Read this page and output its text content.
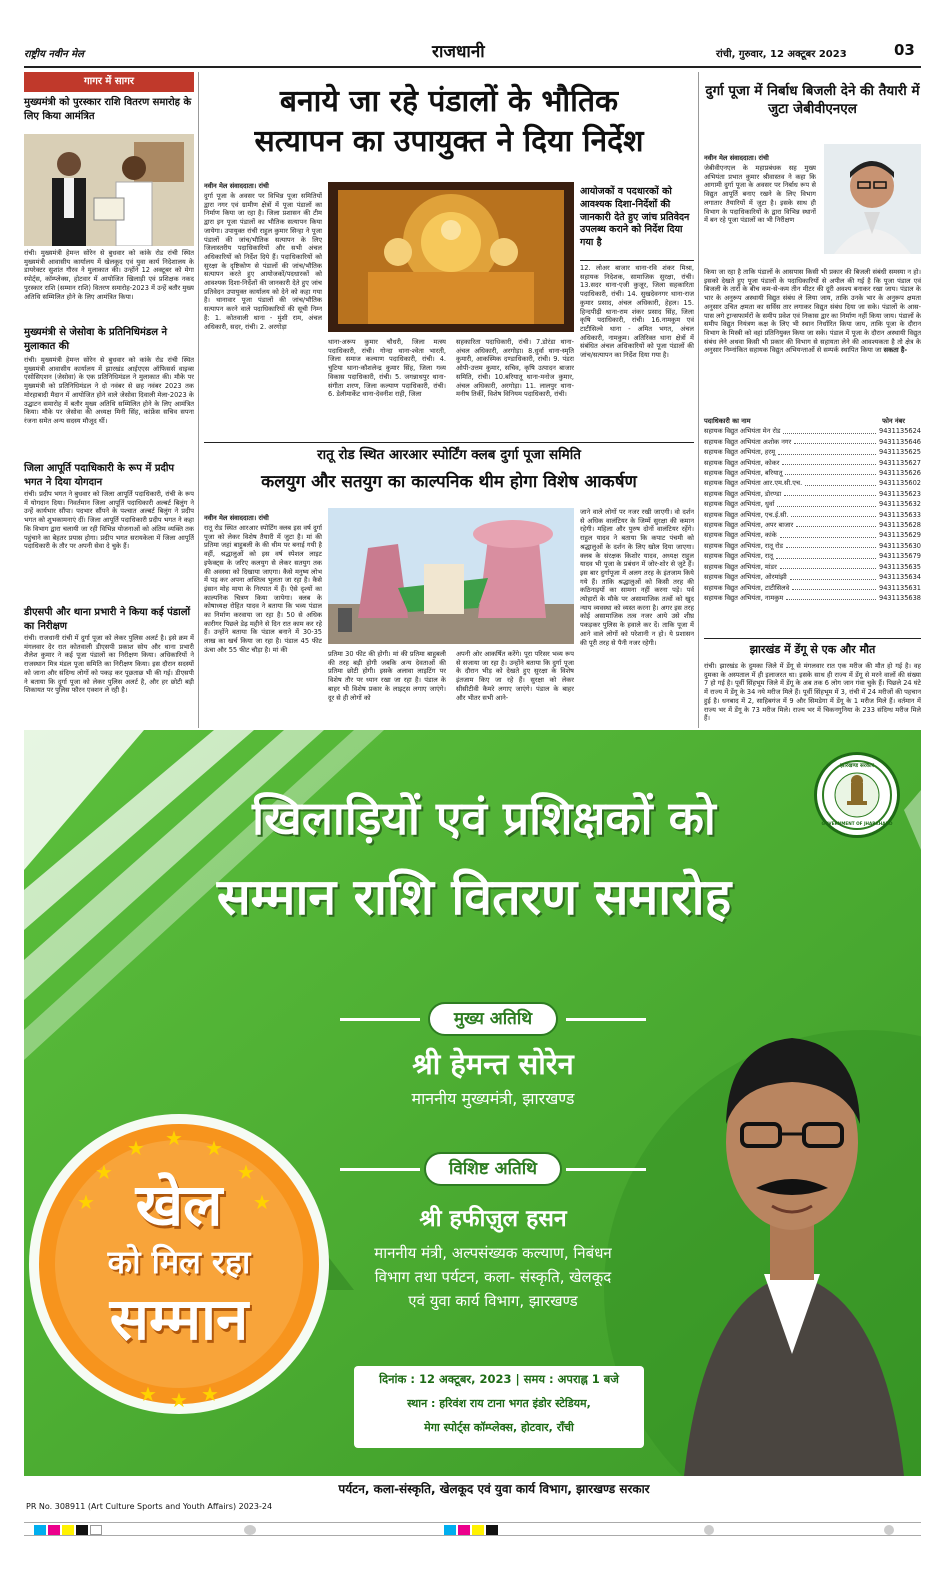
राष्ट्रीय नवीन मेल	राजधानी	रांची, गुरुवार, 12 अक्टूबर 2023	03
गागर में सागर
मुख्यमंत्री को पुरस्कार राशि वितरण समारोह के लिए किया आमंत्रित
रांची। मुख्यमंत्री हेमन्त सोरेन से बुधवार को कांके रोड रांची स्थित मुख्यमंत्री आवासीय कार्यालय में खेलकूद एवं युवा कार्य निदेशालय के डायरेक्टर सुशांत गौरव ने मुलाकात की। उन्होंने 12 अक्टूबर को मेगा स्पोर्ट्स, कॉम्प्लेक्स, होटवार में आयोजित खिलाड़ी एवं प्रशिक्षक नकद पुरस्कार राशि (सम्मान राशि) वितरण समारोह-2023 में उन्हें बतौर मुख्य अतिथि सम्मिलित होने के लिए आमंत्रित किया।
मुख्यमंत्री से जेसोवा के प्रतिनिधिमंडल ने मुलाकात की
रांची। मुख्यमंत्री हेमन्त सोरेन से बुधवार को कांके रोड रांची स्थित मुख्यमंत्री आवासीय कार्यालय में झारखंड आईएएस ऑफिसर्स वाइव्स एसोसिएशन (जेसोवा) के एक प्रतिनिधिमंडल ने मुलाकात की। मौके पर मुख्यमंत्री को प्रतिनिधिमंडल ने दो नवंबर से छह नवंबर 2023 तक मोरहाबादी मैदान में आयोजित होने वाले जेसोवा दिवाली मेला-2023 के उद्घाटन समारोह में बतौर मुख्य अतिथि सम्मिलित होने के लिए आमंत्रित किया। मौके पर जेसोवा की अध्यक्ष मिनी सिंह, कांफ्रेंस सचिव सपना रंजना समेत अन्य सदस्य मौजूद थीं।
जिला आपूर्ति पदाधिकारी के रूप में प्रदीप भगत ने दिया योगदान
रांची। प्रदीप भगत ने बुधवार को जिला आपूर्ति पदाधिकारी, रांची के रूप में योगदान दिया। निवर्तमान जिला आपूर्ति पदाधिकारी अल्बर्ट बिलुंग ने उन्हें कार्यभार सौंपा। पदभार सौंपने के पश्चात अल्बर्ट बिलुंग ने प्रदीप भगत को शुभकामनाएं दीं। जिला आपूर्ति पदाधिकारी प्रदीप भगत ने कहा कि विभाग द्वारा चलायी जा रही विभिन्न योजनाओं को अंतिम व्यक्ति तक पहुंचाने का बेहतर प्रयास होगा। प्रदीप भगत सरायकेला में जिला आपूर्ति पदाधिकारी के तौर पर अपनी सेवा दे चुके हैं।
डीएसपी और थाना प्रभारी ने किया कई पंडालों का निरीक्षण
रांची। राजधानी रांची में दुर्गा पूजा को लेकर पुलिस अलर्ट है। इसे क्रम में मंगलवार देर रात कोतवाली डीएसपी प्रकाश सोय और थाना प्रभारी शैलेश कुमार ने कई पूजा पंडालों का निरीक्षण किया। अधिकारियों ने राजस्थान मित्र मंडल पूजा समिति का निरीक्षण किया। इस दौरान सदस्यों को जाना और संदिग्ध लोगों को पकड़ कर पूछताछ भी की गई। डीएसपी ने बताया कि दुर्गा पूजा को लेकर पुलिस अलर्ट है, और हर छोटी बड़ी शिकायत पर पुलिस फौरन एक्शन ले रही है।
बनाये जा रहे पंडालों के भौतिक
सत्यापन का उपायुक्त ने दिया निर्देश
नवीन मेल संवाददाता। रांची
दुर्गा पूजा के अवसर पर विभिन्न पूजा समितियों द्वारा नगर एवं ग्रामीण क्षेत्रों में पूजा पंडालों का निर्माण किया जा रहा है। जिला प्रशासन की टीम द्वारा इन पूजा पंडालों का भौतिक सत्यापन किया जायेगा। उपायुक्त रांची राहुल कुमार सिन्हा ने पूजा पंडालों की जांच/भौतिक सत्यापन के लिए जिलास्तरीय पदाधिकारियों और सभी अंचल अधिकारियों को निर्देश दिये हैं। पदाधिकारियों को सुरक्षा के दृष्टिकोण से पंडालों की जांच/भौतिक सत्यापन करते हुए आयोजकों/पदधारकों को आवश्यक दिशा-निर्देशों की जानकारी देते हुए जांच प्रतिवेदन उपायुक्त कार्यालय को देने को कहा गया है। थानावार पूजा पंडालों की जांच/भौतिक सत्यापन करने वाले पदाधिकारियों की सूची निम्न है: 1. कोतवाली थाना - मुंशी राम, अंचल अधिकारी, सदर, रांची। 2. अरगोड़ा
थाना-अरूप कुमार चौधरी, जिला मत्स्य पदाधिकारी, रांची। गोन्दा थाना-श्वेता भारती, जिला समाज कल्याण पदाधिकारी, रांची। 4. चुटिया थाना-कौशलेन्द्र कुमार सिंह, जिला गव्य विकास पदाधिकारी, रांची। 5. जगन्नाथपुर थाना-संगीता शरण, जिला कल्याण पदाधिकारी, रांची। 6. डेलीमार्केट थाना-देवनीश राही, जिला
सहकारिता पदाधिकारी, रांची। 7.डोरंडा थाना-अंचल अधिकारी, अरगोड़ा। 8.धुर्वा थाना-स्मृति कुमारी, आकस्मिक दण्डाधिकारी, रांची। 9. पंडरा ओपी-उत्तम कुमार, सचिव, कृषि उत्पादन बाजार समिति, रांची। 10.बरियातू थाना-मनोज कुमार, अंचल अधिकारी, अरगोड़ा। 11. लालपुर थाना- मनीष तिर्की, विशेष विनियम पदाधिकारी, रांची।
आयोजकों व पदधारकों को आवश्यक दिशा-निर्देशों की जानकारी देते हुए जांच प्रतिवेदन उपलब्ध कराने को निर्देश दिया गया है
12. लोअर बाजार थाना-रवि शंकर मिश्रा, सहायक निदेशक, सामाजिक सुरक्षा, रांची। 13.सदर थाना-एजी कुजूर, जिला सहकारिता पदाधिकारी, रांची। 14. सुखदेवनगर थाना-राज कुमार प्रसाद, अंचल अधिकारी, हेहल। 15. हिन्दपीढ़ी थाना-राम शंकर प्रसाद सिंह, जिला कृषि पदाधिकारी, रांची। 16.नामकुम एवं टाटीसिल्वे थाना - अमित भगत, अंचल अधिकारी, नामकुम। अतिरिक्त थाना क्षेत्रों में संबंधित अंचल अधिकारियों को पूजा पंडालों की जांच/सत्यापन का निर्देश दिया गया है।
रातू रोड स्थित आरआर स्पोर्टिंग क्लब दुर्गा पूजा समिति
कलयुग और सतयुग का काल्पनिक थीम होगा विशेष आकर्षण
नवीन मेल संवाददाता। रांची
रातू रोड स्थित आरआर स्पोर्टिंग क्लब इस वर्ष दुर्गा पूजा को लेकर विशेष तैयारी में जुटा है। मां की प्रतिमा जहां बाहुबली के की थीम पर बनाई गयी है वहीं, श्रद्धालुओं को इस वर्ष स्पेशल लाइट इफेक्ट्स के जरिए कलयुग से लेकर सतयुग तक की अवस्था को दिखाया जाएगा। कैसे मनुष्य लोभ में पड़ कर अपना अस्तित्व भुलता जा रहा है। कैसे इंसान मोह माया के निरपात में हैं। ऐसे दृश्यों का काल्पनिक चित्रण किया जायेगा। क्लब के कोषाध्यक्ष रोहित यादव ने बताया कि भव्य पंडाल का निर्माण करवाया जा रहा है। 50 से अधिक कारीगर पिछले डेढ़ महीने से दिन रात काम कर रहे हैं। उन्होंने बताया कि पंडाल बनाने में 30-35 लाख का खर्च किया जा रहा है। पंडाल 45 फीट ऊंचा और 55 फीट चौड़ा है। मां की
प्रतिमा 30 फीट की होगी। मां की प्रतिमा बाहुबली की तरह बड़ी होगी जबकि अन्य देवताओं की प्रतिमा छोटी होगी। इसके अलावा लाइटिंग पर विशेष तौर पर ध्यान रखा जा रहा है। पंडाल के बाहर भी विशेष प्रकार के लाइट्स लगाए जाएंगे। दूर से ही लोगों को
अपनी ओर आकर्षित करेंगे। पूरा परिसर भव्य रूप से सजाया जा रहा है। उन्होंने बताया कि दुर्गा पूजा के दौरान भीड़ को देखते हुए सुरक्षा के विशेष इंतजाम किए जा रहे हैं। सुरक्षा को लेकर सीसीटीवी कैमरे लगाए जाएंगे। पंडाल के बाहर और भीतर सभी आने-
जाने वाले लोगों पर नजर रखी जाएगी। वो दर्शन से अधिक वालंटियर के जिम्में सुरक्षा की कमान रहेगी। महिला और पुरुष दोनों वालंटियर रहेंगे। राहुल यादव ने बताया कि कपाट पंचमी को श्रद्धालुओं के दर्शन के लिए खोल दिया जाएगा। क्लब के संरक्षक किशोर यादव, अध्यक्ष राहुल यादव भी पूजा के प्रबंधन में जोर-शोर से जुटे हैं। इस बार दुर्गापूजा में अलग तरह के इंतजाम किये गये हैं। ताकि श्रद्धालुओं को किसी तरह की कठिनाइयों का सामना नहीं करना पड़े। पर्व त्योहारों के मौके पर असामाजिक तत्वों को खुद न्याय व्यवस्था को व्यस्त करना है। अगर इस तरह कोई असामाजिक तत्व नजर आये उसे शीघ्र पकड़कर पुलिस के हवाले कर दें। ताकि पूजा में आने वाले लोगों को परेशानी न हो। ये प्रशासन की पूरी तरह से पैनी नजर रहेगी।
दुर्गा पूजा में निर्बाध बिजली देने की तैयारी में जुटा जेबीवीएनएल
नवीन मेल संवाददाता। रांची
जेबीवीएनएल के महाप्रबंधक सह मुख्य अभियंता प्रभात कुमार श्रीवास्तव ने कहा कि आगामी दुर्गा पूजा के अवसर पर निर्बाध रूप से विद्युत आपूर्ति बनाए रखने के लिए विभाग लगातार तैयारियों में जुटा है। इसके साथ ही विभाग के पदाधिकारियों के द्वारा विभिन्न स्थानों में बन रहे पूजा पंडालों का भी निरीक्षण
किया जा रहा है ताकि पंडालों के आसपास किसी भी प्रकार की बिजली संबंधी समस्या न हो। इसको देखते हुए पूजा पंडालों के पदाधिकारियों से अपील की गई है कि पूजा पंडाल एवं बिजली के तारों के बीच कम-से-कम तीन मीटर की दूरी अवश्य बनाकर रखा जाय। पंडाल के भार के अनुरूप अस्थायी विद्युत संबंध ले लिया जाय, ताकि उनके भार के अनुरूप क्षमता अनुसार उचित क्षमता का सर्विस तार लगाकर विद्युत संबंध दिया जा सके। पंडालों के आस-पास लगे ट्रान्सफार्मरों के समीप प्रवेश एवं निकास द्वार का निर्माण नहीं किया जाय। पंडालों के समीप विद्युत नियंत्रण कक्ष के लिए भी स्थान निर्धारित किया जाय, ताकि पूजा के दौरान विभाग के मिस्त्री को वहां प्रतिनियुक्त किया जा सके। पंडाल में पूजा के दौरान अस्थायी विद्युत संबंध लेने अथवा किसी भी प्रकार की विभाग से सहायता लेने की आवश्यकता है तो क्षेत्र के अनुसार निम्नांकित सहायक विद्युत अभियन्ताओं से सम्पर्क स्थापित किया जा सकता है-
पदाधिकारी का नाम	फोन नंबर
सहायक विद्युत अभियंता मेन रोड	9431135624
सहायक विद्युत अभियंता अशोक नगर	9431135646
सहायक विद्युत अभियंता, हरमू	9431135625
सहायक विद्युत अभियंता, कोकर	9431135627
सहायक विद्युत अभियंता, बरियातू	9431135626
सहायक विद्युत अभियंता आर.एम.सी.एच.	9431135602
सहायक विद्युत अभियंता, डोरण्डा	9431135623
सहायक विद्युत अभियंता, धुर्वा	9431135632
सहायक विद्युत अभियंता, एच.ई.सी.	9431135633
सहायक विद्युत अभियंता, अपर बाजार	9431135628
सहायक विद्युत अभियंता, कांके	9431135629
सहायक विद्युत अभियंता, रातू रोड	9431135630
सहायक विद्युत अभियंता, रातू	9431135679
सहायक विद्युत अभियंता, मांडर	9431135635
सहायक विद्युत अभियंता, ओरमांझी	9431135634
सहायक विद्युत अभियंता, टाटीसिलवे	9431135631
सहायक विद्युत अभियंता, नामकुम	9431135638
झारखंड में डेंगू से एक और मौत
रांची। झारखंड के दुमका जिले में डेंगू से मंगलवार रात एक मरीज की मौत हो गई है। वह दुमका के अस्पताल में ही इलाजरत था। इसके साथ ही राज्य में डेंगू से मरने वालों की संख्या 7 हो गई है। पूर्वी सिंहभूम जिले में डेंगू के अब तक 6 लोग जान गंवा चुके हैं। पिछले 24 घंटे में राज्य में डेंगू के 34 नये मरीज मिले हैं। पूर्वी सिंहभूम में 3, रांची में 24 मरीजों की पहचान हुई है। धनबाद में 2, साहिबगंज में 9 और सिमडेगा में डेंगू के 1 मरीज मिले हैं। वर्तमान में राज्य भर में डेंगू के 73 मरीज मिले। राज्य भर में चिकनगुनिया के 233 संदिग्ध मरीज मिले हैं।
झारखण्ड सरकार
GOVERNMENT OF JHARKHAND
खिलाड़ियों एवं प्रशिक्षकों को
सम्मान राशि वितरण समारोह
★
★	★
★	★
★	★
★ ★ ★
खेल
को मिल रहा
सम्मान
मुख्य अतिथि
श्री हेमन्त सोरेन
माननीय मुख्यमंत्री, झारखण्ड
विशिष्ट अतिथि
श्री हफीज़ुल हसन
माननीय मंत्री, अल्पसंख्यक कल्याण, निबंधन
विभाग तथा पर्यटन, कला- संस्कृति, खेलकूद
एवं युवा कार्य विभाग, झारखण्ड
दिनांक : 12 अक्टूबर, 2023 | समय : अपराह्न 1 बजे
स्थान : हरिवंश राय टाना भगत इंडोर स्टेडियम,
मेगा स्पोर्ट्स कॉम्प्लेक्स, होटवार, राँची
PR No. 308911 (Art Culture Sports and Youth Affairs) 2023-24
पर्यटन, कला-संस्कृति, खेलकूद एवं युवा कार्य विभाग, झारखण्ड सरकार
